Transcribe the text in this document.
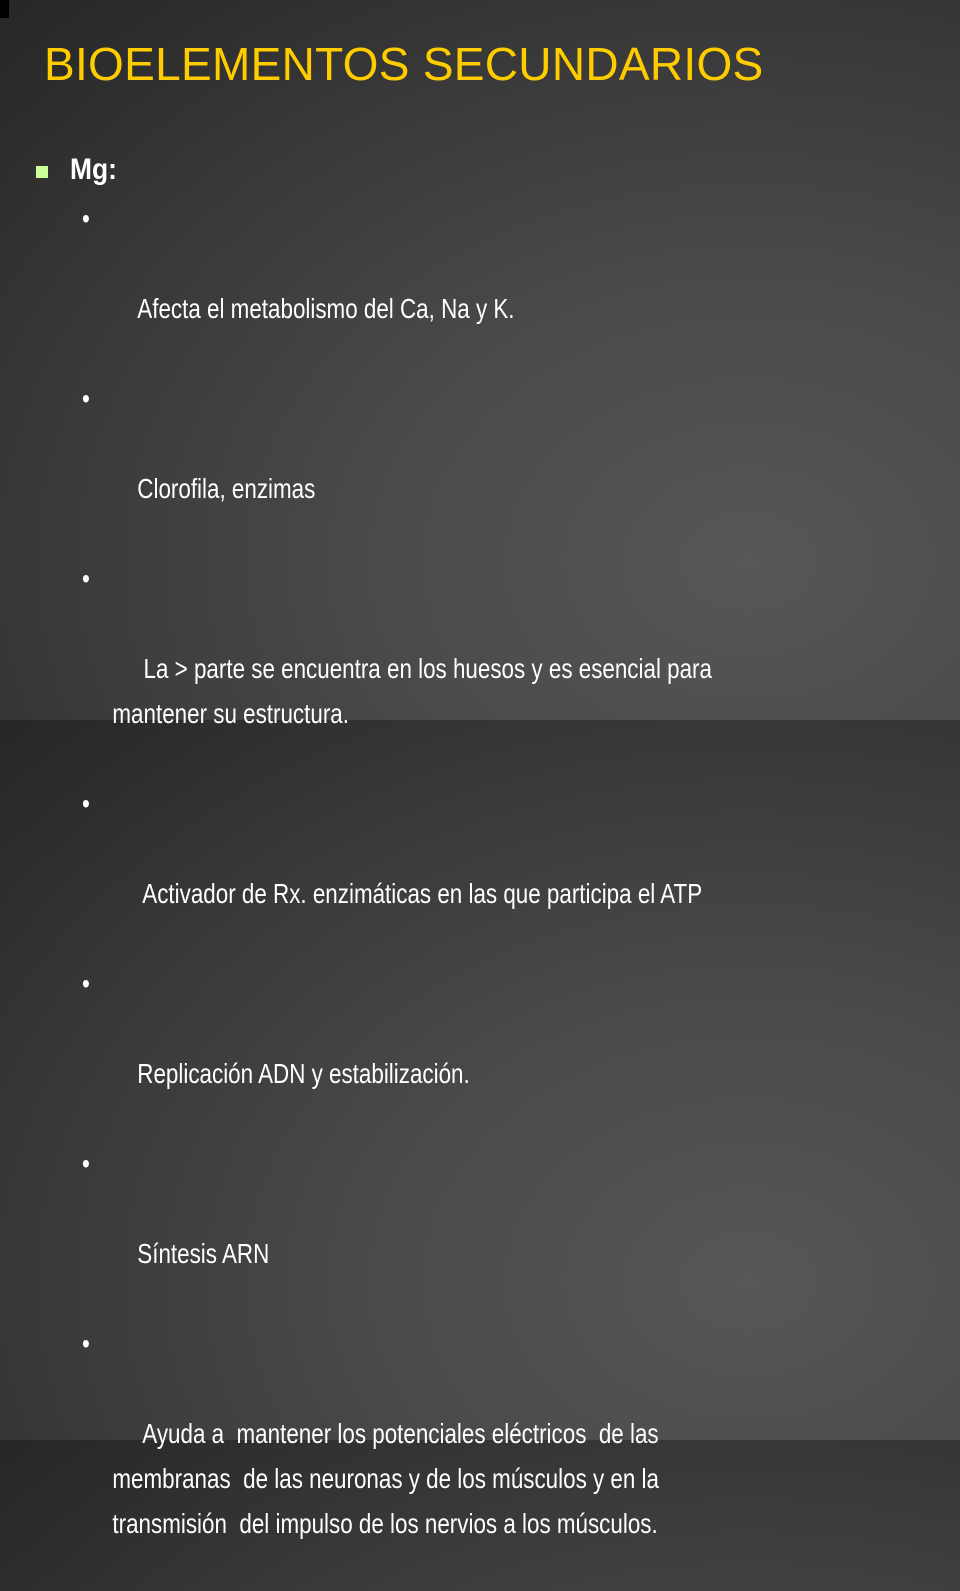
BIOELEMENTOS SECUNDARIOS
Mg:

•

Afecta el metabolismo del Ca, Na y K.

•

Clorofila, enzimas

•

La > parte se encuentra en los huesos y es esencial para
mantener su estructura.

•

Activador de Rx. enzimáticas en las que participa el ATP

•

Replicación ADN y estabilización.

•

Síntesis ARN

•

Ayuda a  mantener los potenciales eléctricos  de las
membranas  de las neuronas y de los músculos y en la
transmisión  del impulso de los nervios a los músculos.
